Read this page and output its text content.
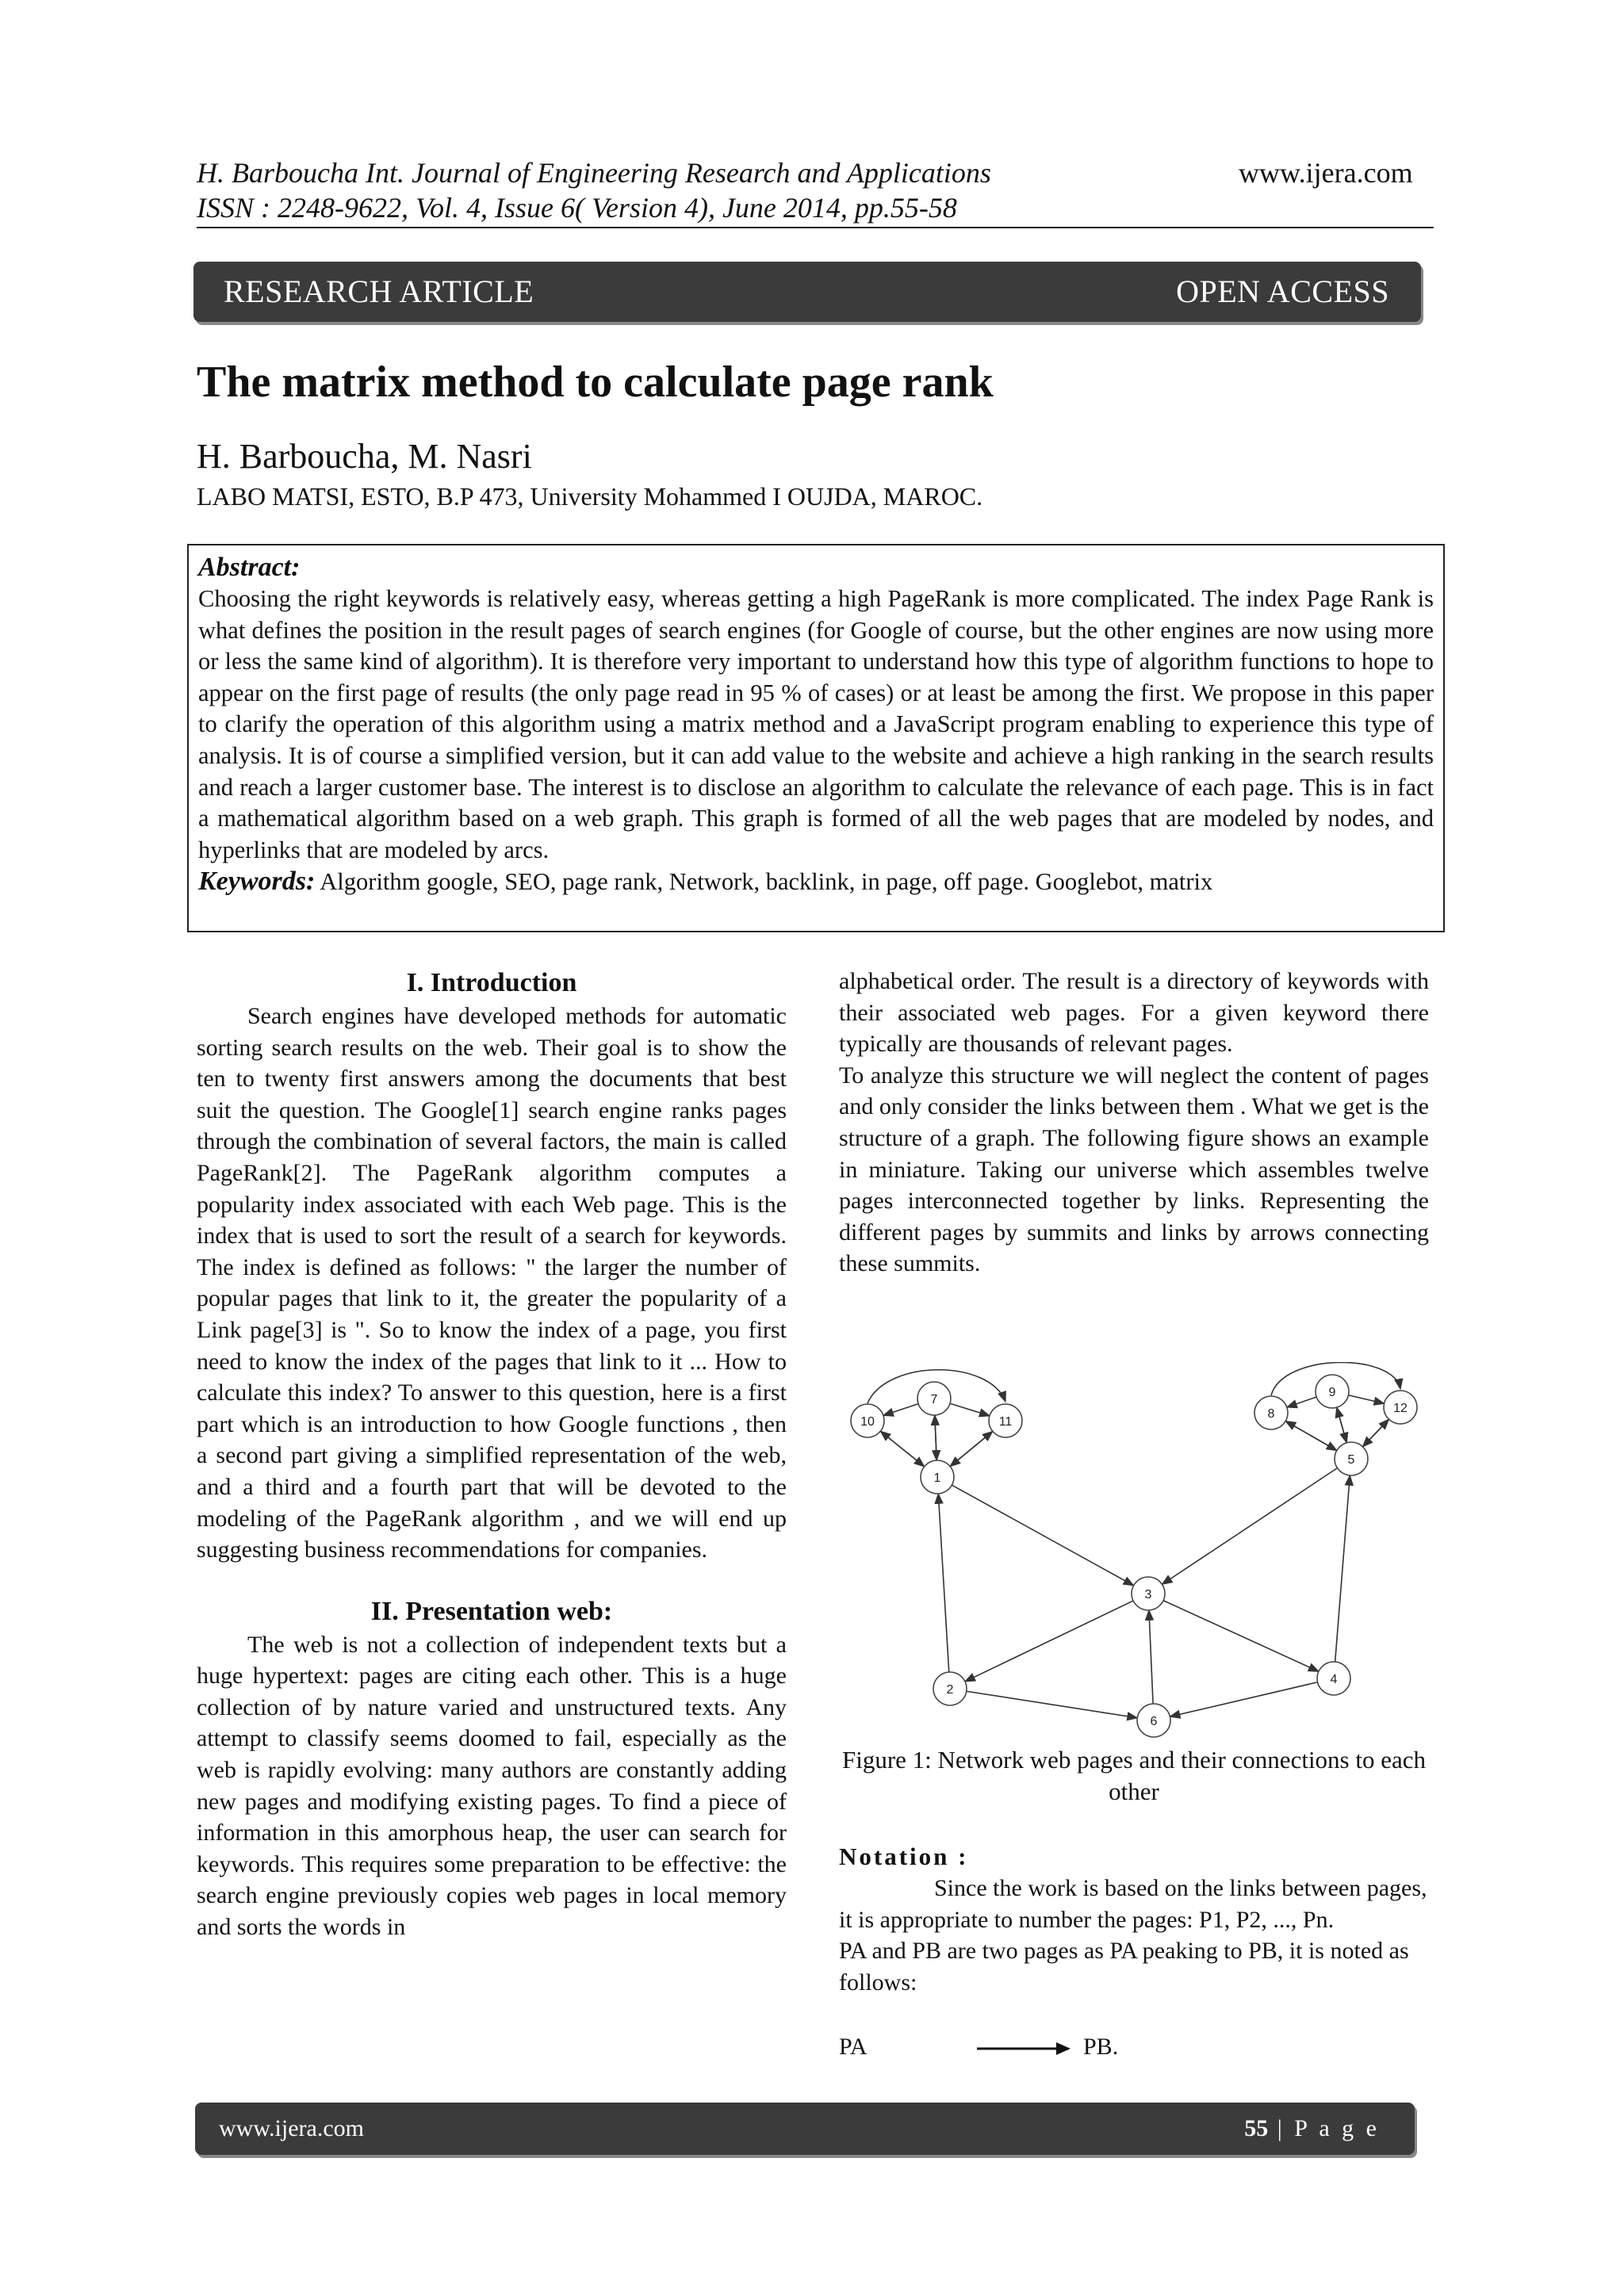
H. Barboucha Int. Journal of Engineering Research and Applications
ISSN : 2248-9622, Vol. 4, Issue 6( Version 4), June 2014, pp.55-58
www.ijera.com
RESEARCH ARTICLE	OPEN ACCESS
The matrix method to calculate page rank
H. Barboucha, M. Nasri
LABO MATSI, ESTO, B.P 473, University Mohammed I OUJDA, MAROC.
Abstract:
Choosing the right keywords is relatively easy, whereas getting a high PageRank is more complicated. The index Page Rank is what defines the position in the result pages of search engines (for Google of course, but the other engines are now using more or less the same kind of algorithm). It is therefore very important to understand how this type of algorithm functions to hope to appear on the first page of results (the only page read in 95 % of cases) or at least be among the first. We propose in this paper to clarify the operation of this algorithm using a matrix method and a JavaScript program enabling to experience this type of analysis. It is of course a simplified version, but it can add value to the website and achieve a high ranking in the search results and reach a larger customer base. The interest is to disclose an algorithm to calculate the relevance of each page. This is in fact a mathematical algorithm based on a web graph. This graph is formed of all the web pages that are modeled by nodes, and hyperlinks that are modeled by arcs.
Keywords: Algorithm google, SEO, page rank, Network, backlink, in page, off page. Googlebot, matrix
I. Introduction

Search engines have developed methods for automatic sorting search results on the web. Their goal is to show the ten to twenty first answers among the documents that best suit the question. The Google[1] search engine ranks pages through the combination of several factors, the main is called PageRank[2]. The PageRank algorithm computes a popularity index associated with each Web page. This is the index that is used to sort the result of a search for keywords. The index is defined as follows: " the larger the number of popular pages that link to it, the greater the popularity of a Link page[3] is ". So to know the index of a page, you first need to know the index of the pages that link to it ... How to calculate this index? To answer to this question, here is a first part which is an introduction to how Google functions , then a second part giving a simplified representation of the web, and a third and a fourth part that will be devoted to the modeling of the PageRank algorithm , and we will end up suggesting business recommendations for companies.

II. Presentation web:

The web is not a collection of independent texts but a huge hypertext: pages are citing each other. This is a huge collection of by nature varied and unstructured texts. Any attempt to classify seems doomed to fail, especially as the web is rapidly evolving: many authors are constantly adding new pages and modifying existing pages. To find a piece of information in this amorphous heap, the user can search for keywords. This requires some preparation to be effective: the search engine previously copies web pages in local memory and sorts the words in

alphabetical order. The result is a directory of keywords with their associated web pages. For a given keyword there typically are thousands of relevant pages.

To analyze this structure we will neglect the content of pages and only consider the links between them . What we get is the structure of a graph. The following figure shows an example in miniature. Taking our universe which assembles twelve pages interconnected together by links. Representing the different pages by summits and links by arrows connecting these summits.

1
2
3
4
5
6
7
8
9
10	11
12
Figure 1: Network web pages and their connections to each other
Notation :

Since the work is based on the links between pages, it is appropriate to number the pages: P1, P2, ..., Pn.

PA and PB are two pages as PA peaking to PB, it is noted as follows:

PA	PB.
www.ijera.com	55 | P a g e
